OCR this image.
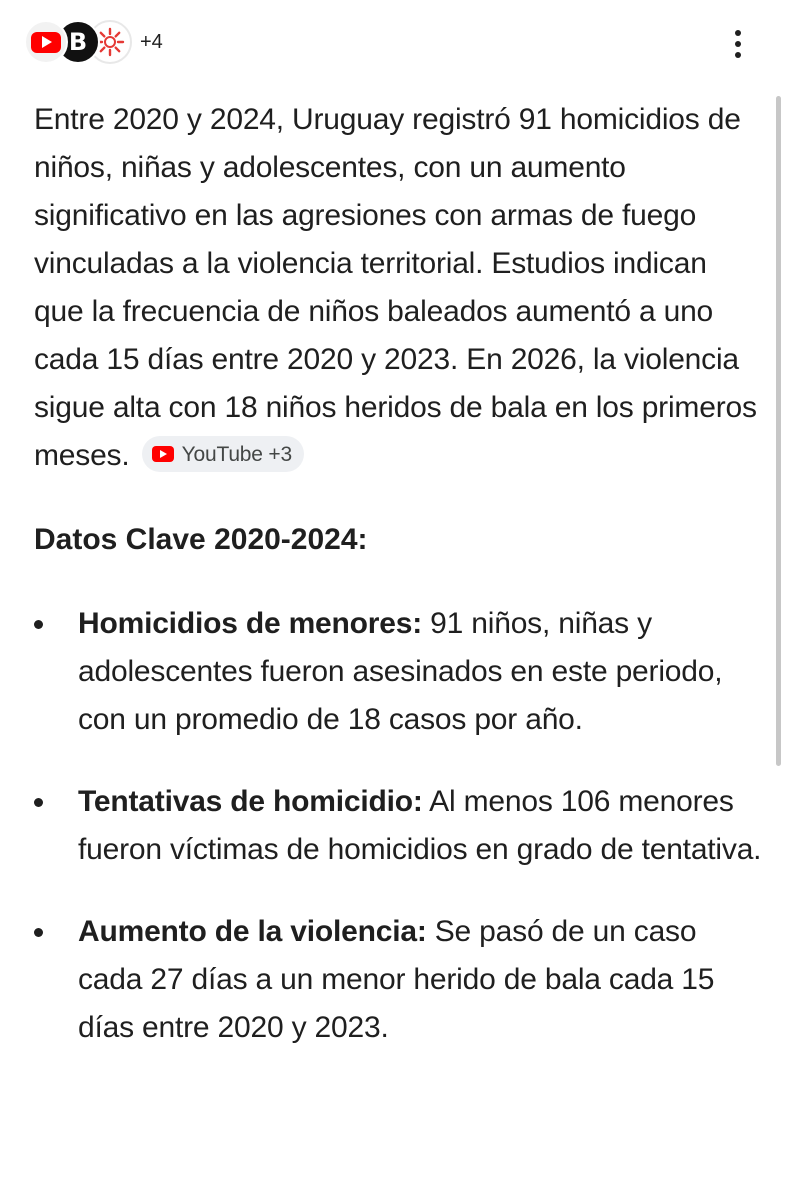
B	+4

Entre 2020 y 2024, Uruguay registró 91 homicidios de niños, niñas y adolescentes, con un aumento significativo en las agresiones con armas de fuego vinculadas a la violencia territorial. Estudios indican que la frecuencia de niños baleados aumentó a uno cada 15 días entre 2020 y 2023. En 2026, la violencia sigue alta con 18 niños heridos de bala en los primeros meses. YouTube +3

Datos Clave 2020-2024:
Homicidios de menores: 91 niños, niñas y adolescentes fueron asesinados en este periodo, con un promedio de 18 casos por año.
Tentativas de homicidio: Al menos 106 menores fueron víctimas de homicidios en grado de tentativa.
Aumento de la violencia: Se pasó de un caso cada 27 días a un menor herido de bala cada 15 días entre 2020 y 2023.
